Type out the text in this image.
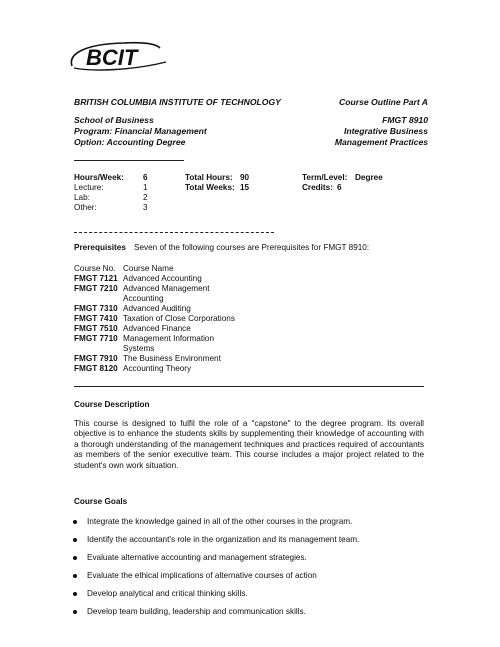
BCIT
BRITISH COLUMBIA INSTITUTE OF TECHNOLOGY
School of Business
Program: Financial Management
Option: Accounting Degree
Course Outline Part A
FMGT 8910
Integrative Business
Management Practices
Hours/Week: 6
Lecture:	1
Lab:	2
Other:	3
Total Hours: 90
Total Weeks: 15
Term/Level: Degree
Credits: 6
Prerequisites Seven of the following courses are Prerequisites for FMGT 8910:
Course No. Course Name
FMGT 7121 Advanced Accounting
FMGT 7210 Advanced Management
Accounting
FMGT 7310 Advanced Auditing
FMGT 7410 Taxation of Close Corporations
FMGT 7510 Advanced Finance
FMGT 7710 Management Information
Systems
FMGT 7910 The Business Environment
FMGT 8120 Accounting Theory
Course Description
This course is designed to fulfil the role of a "capstone" to the degree program. Its overall objective is to enhance the students skills by supplementing their knowledge of accounting with a thorough understanding of the management techniques and practices required of accountants as members of the senior executive team. This course includes a major project related to the student's own work situation.
Course Goals
Integrate the knowledge gained in all of the other courses in the program.
Identify the accountant's role in the organization and its management team.
Evaluate alternative accounting and management strategies.
Evaluate the ethical implications of alternative courses of action
Develop analytical and critical thinking skills.
Develop team building, leadership and communication skills.
